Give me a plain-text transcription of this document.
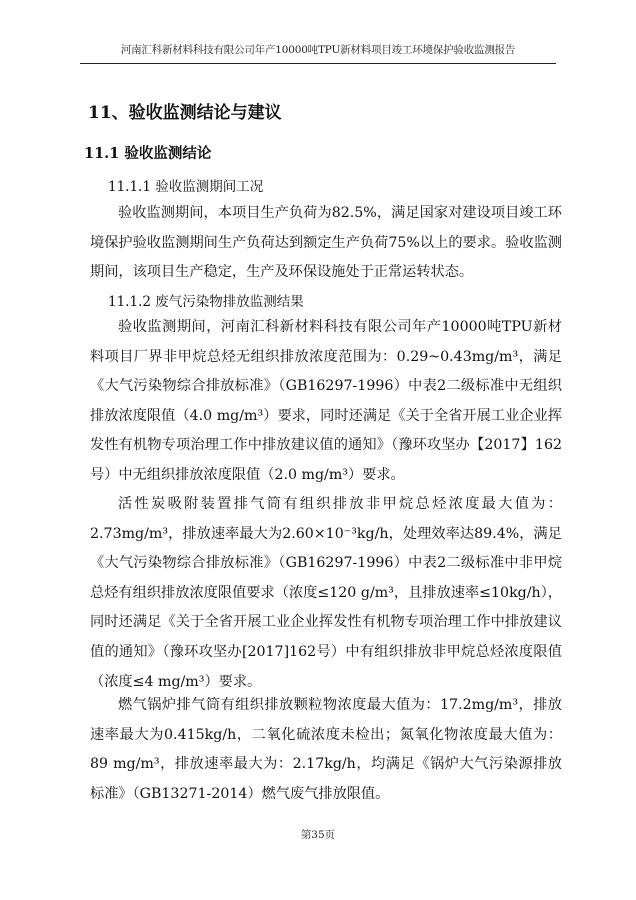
河南汇科新材料科技有限公司年产10000吨TPU新材料项目竣工环境保护验收监测报告
11、验收监测结论与建议
11.1 验收监测结论
11.1.1 验收监测期间工况

验收监测期间，本项目生产负荷为82.5%，满足国家对建设项目竣工环境保护验收监测期间生产负荷达到额定生产负荷75%以上的要求。验收监测期间，该项目生产稳定，生产及环保设施处于正常运转状态。

11.1.2 废气污染物排放监测结果

验收监测期间，河南汇科新材料科技有限公司年产10000吨TPU新材料项目厂界非甲烷总烃无组织排放浓度范围为：0.29~0.43mg/m³，满足《大气污染物综合排放标准》（GB16297-1996）中表2二级标准中无组织排放浓度限值（4.0 mg/m³）要求，同时还满足《关于全省开展工业企业挥发性有机物专项治理工作中排放建议值的通知》（豫环攻坚办【2017】162号）中无组织排放浓度限值（2.0 mg/m³）要求。

活性炭吸附装置排气筒有组织排放非甲烷总烃浓度最大值为：2.73mg/m³，排放速率最大为2.60×10⁻³kg/h，处理效率达89.4%，满足《大气污染物综合排放标准》（GB16297-1996）中表2二级标准中非甲烷总烃有组织排放浓度限值要求（浓度≤120 g/m³，且排放速率≤10kg/h），同时还满足《关于全省开展工业企业挥发性有机物专项治理工作中排放建议值的通知》（豫环攻坚办[2017]162号）中有组织排放非甲烷总烃浓度限值（浓度≤4 mg/m³）要求。

燃气锅炉排气筒有组织排放颗粒物浓度最大值为：17.2mg/m³，排放速率最大为0.415kg/h，二氧化硫浓度未检出；氮氧化物浓度最大值为：89 mg/m³，排放速率最大为：2.17kg/h，均满足《锅炉大气污染源排放标准》（GB13271-2014）燃气废气排放限值。

第35页
